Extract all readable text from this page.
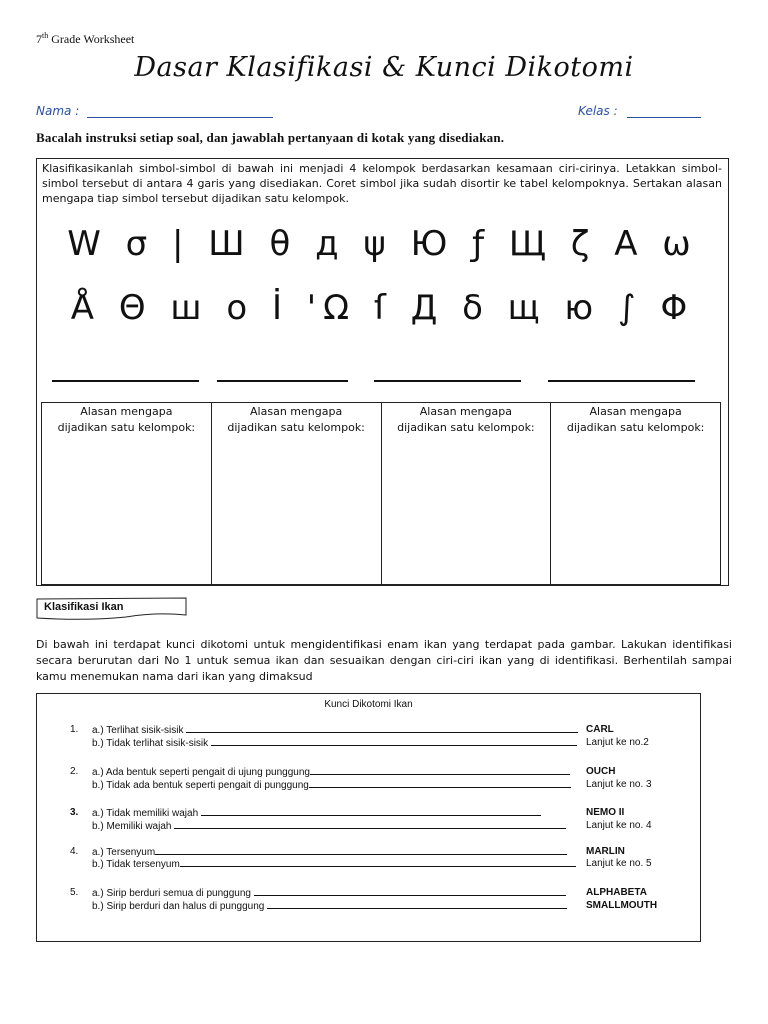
7th Grade Worksheet
Dasar Klasifikasi & Kunci Dikotomi
Nama :	Kelas :
Bacalah instruksi setiap soal, dan jawablah pertanyaan di kotak yang disediakan.
Klasifikasikanlah simbol-simbol di bawah ini menjadi 4 kelompok berdasarkan kesamaan ciri-cirinya. Letakkan simbol-simbol tersebut di antara 4 garis yang disediakan. Coret simbol jika sudah disortir ke tabel kelompoknya. Sertakan alasan mengapa tiap simbol tersebut dijadikan satu kelompok.
W σ | Ш θ д ψ Ю ƒ Щ ζ A ω
Å Θ ш o İ 'Ω ſ Д δ щ ю ∫ Φ
Alasan mengapa
dijadikan satu kelompok:
Alasan mengapa
dijadikan satu kelompok:
Alasan mengapa
dijadikan satu kelompok:
Alasan mengapa
dijadikan satu kelompok:
Klasifikasi Ikan
Di bawah ini terdapat kunci dikotomi untuk mengidentifikasi enam ikan yang terdapat pada gambar. Lakukan identifikasi secara berurutan dari No 1 untuk semua ikan dan sesuaikan dengan ciri-ciri ikan yang di identifikasi. Berhentilah sampai kamu menemukan nama dari ikan yang dimaksud
Kunci Dikotomi Ikan
1.	a.) Terlihat sisik-sisik	CARL
b.) Tidak terlihat sisik-sisik	Lanjut ke no.2
2.	a.) Ada bentuk seperti pengait di ujung punggung	OUCH
b.) Tidak ada bentuk seperti pengait di punggung	Lanjut ke no. 3
3.	a.) Tidak memiliki wajah	NEMO II
b.) Memiliki wajah	Lanjut ke no. 4
4.	a.) Tersenyum	MARLIN
b.) Tidak tersenyum	Lanjut ke no. 5
5.	a.) Sirip berduri semua di punggung	ALPHABETA
b.) Sirip berduri dan halus di punggung	SMALLMOUTH
